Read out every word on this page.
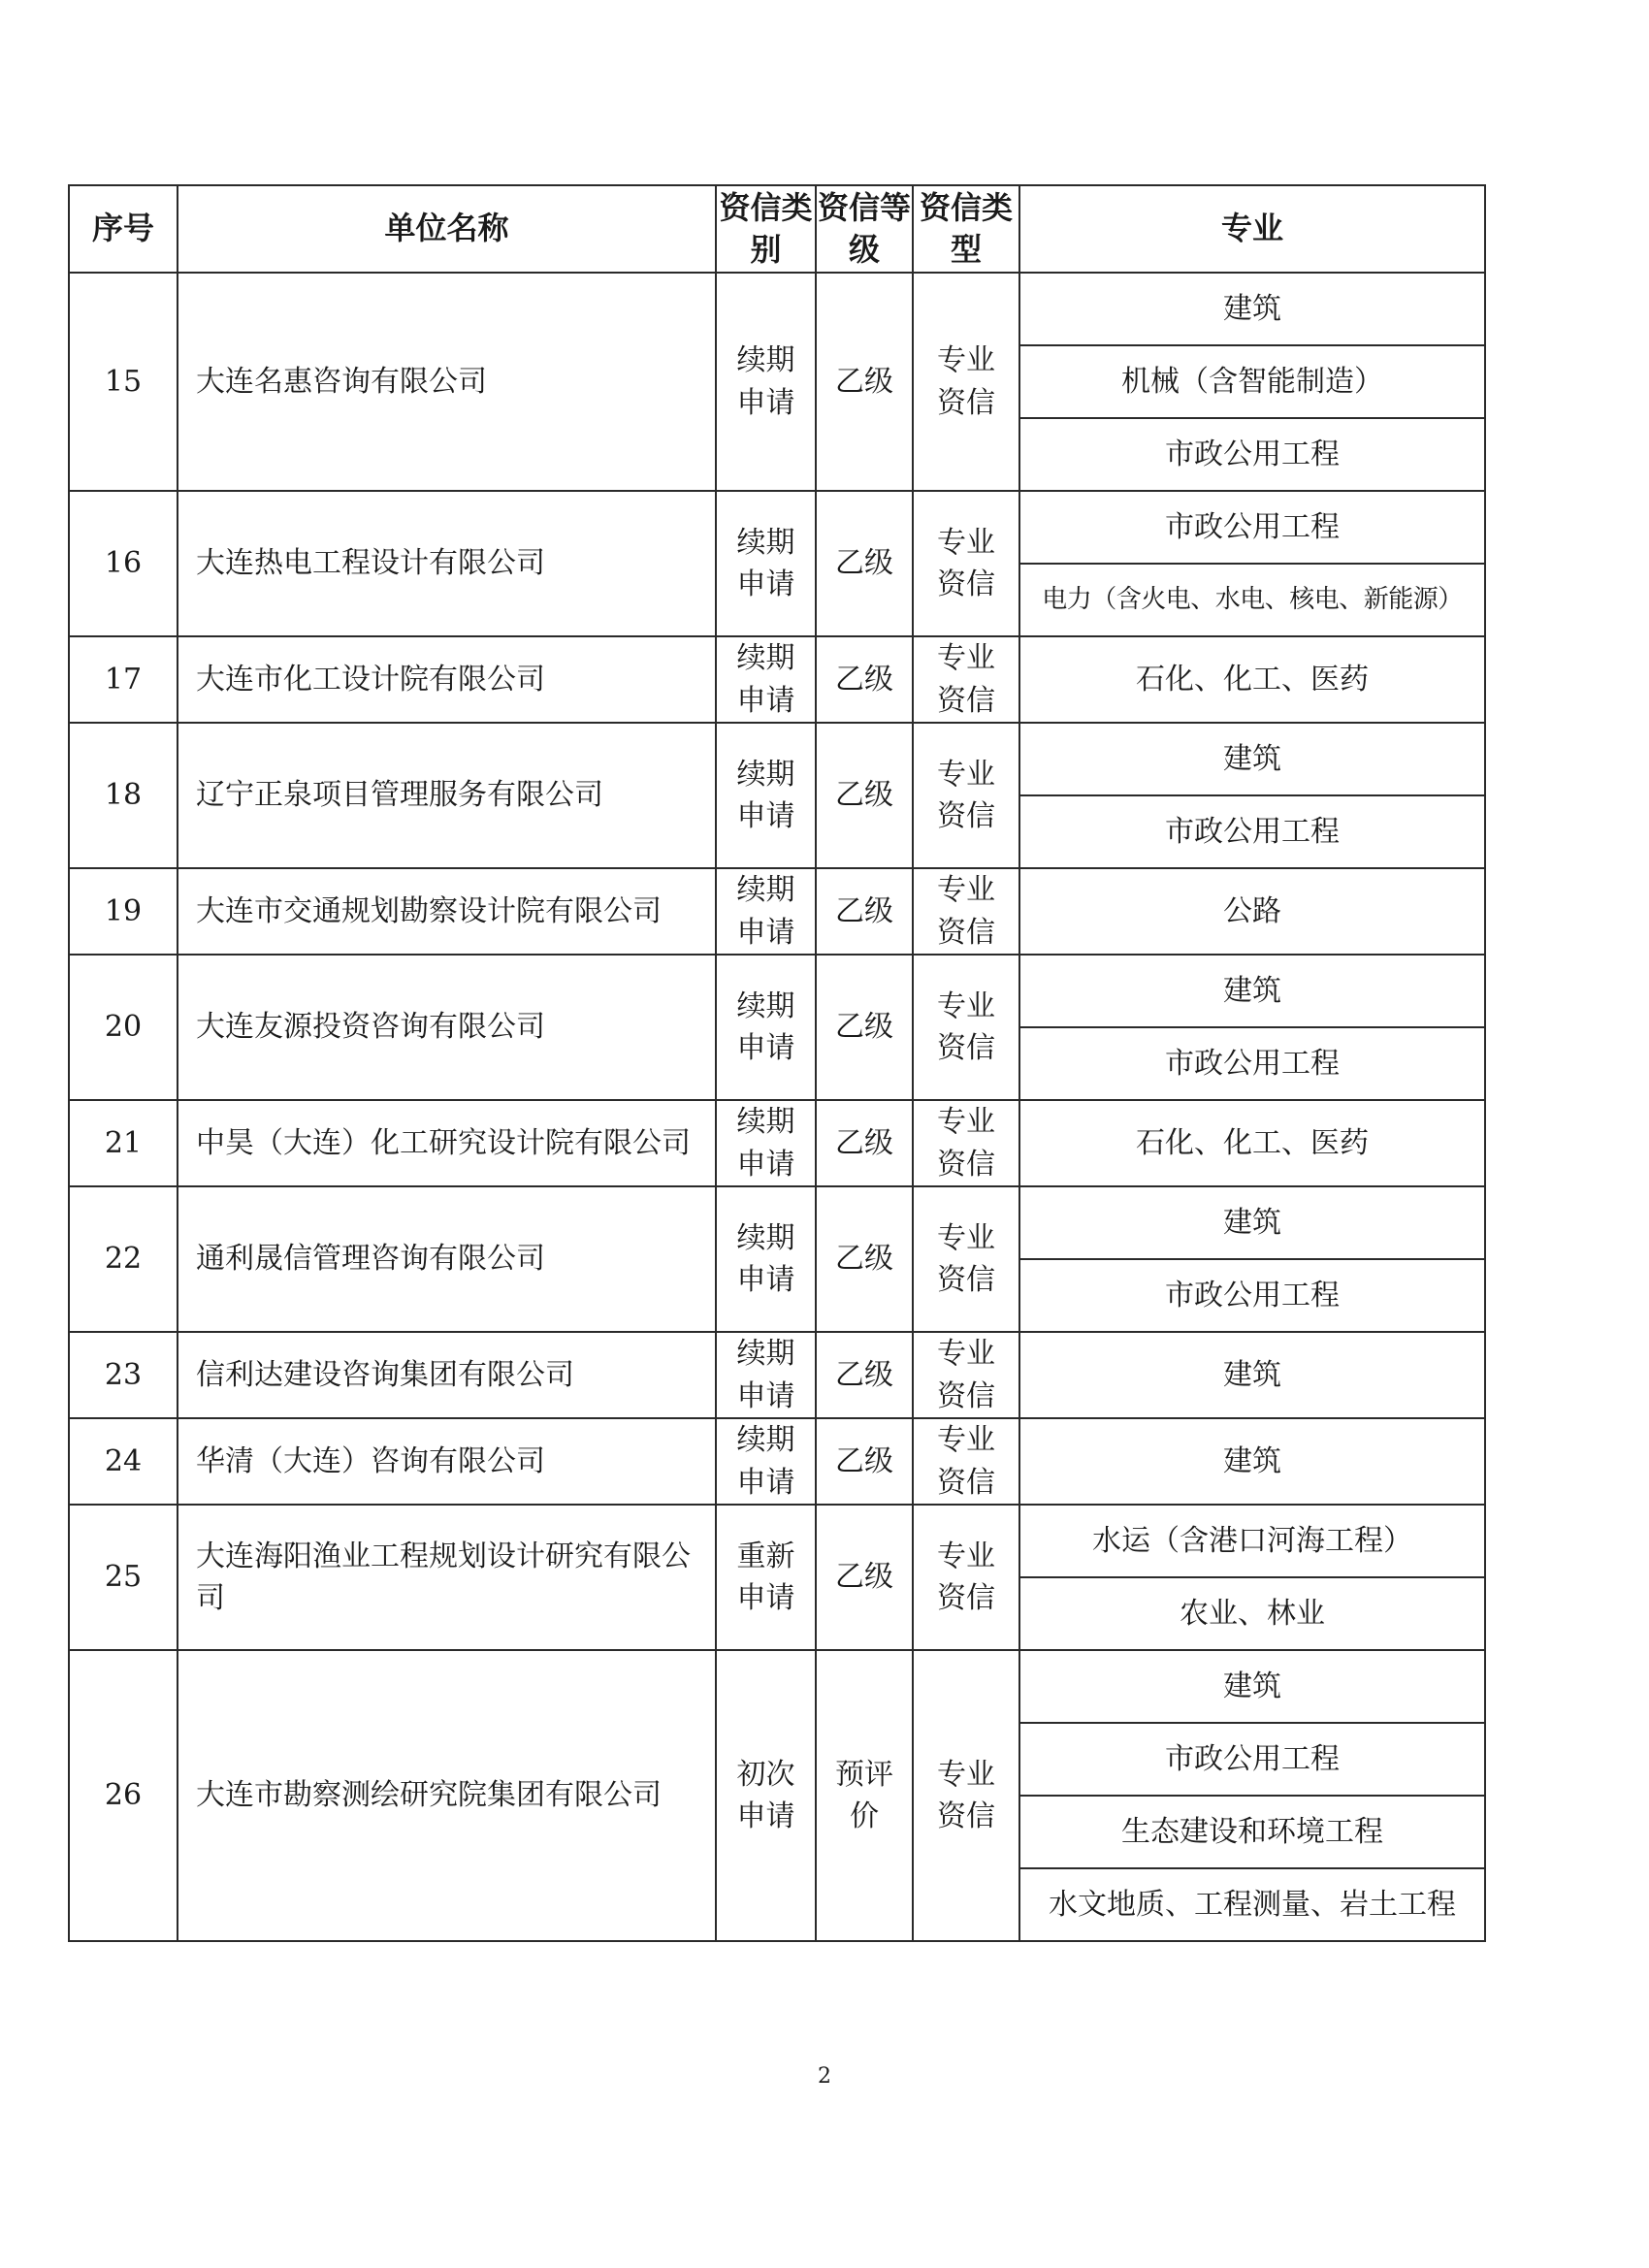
序号	单位名称	资信类别	资信等级	资信类型	专业
15	大连名惠咨询有限公司	续期申请	乙级	专业资信	建筑
					机械（含智能制造）
					市政公用工程
16	大连热电工程设计有限公司	续期申请	乙级	专业资信	市政公用工程
					电力（含火电、水电、核电、新能源）
17	大连市化工设计院有限公司	续期申请	乙级	专业资信	石化、化工、医药
18	辽宁正泉项目管理服务有限公司	续期申请	乙级	专业资信	建筑
					市政公用工程
19	大连市交通规划勘察设计院有限公司	续期申请	乙级	专业资信	公路
20	大连友源投资咨询有限公司	续期申请	乙级	专业资信	建筑
					市政公用工程
21	中昊（大连）化工研究设计院有限公司	续期申请	乙级	专业资信	石化、化工、医药
22	通利晟信管理咨询有限公司	续期申请	乙级	专业资信	建筑
					市政公用工程
23	信利达建设咨询集团有限公司	续期申请	乙级	专业资信	建筑
24	华清（大连）咨询有限公司	续期申请	乙级	专业资信	建筑
25	大连海阳渔业工程规划设计研究有限公司	重新申请	乙级	专业资信	水运（含港口河海工程）
					农业、林业
26	大连市勘察测绘研究院集团有限公司	初次申请	预评价	专业资信	建筑
					市政公用工程
					生态建设和环境工程
					水文地质、工程测量、岩土工程
2
